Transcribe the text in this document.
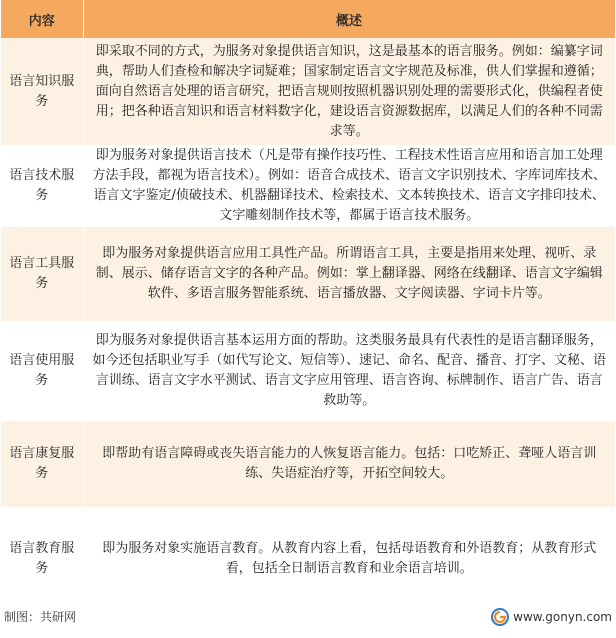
内容	概述
语言知识服务	即采取不同的方式，为服务对象提供语言知识，这是最基本的语言服务。例如：编纂字词典，帮助人们查检和解决字词疑难；国家制定语言文字规范及标准，供人们掌握和遵循；面向自然语言处理的语言研究，把语言规则按照机器识别处理的需要形式化，供编程者使用；把各种语言知识和语言材料数字化，建设语言资源数据库，以满足人们的各种不同需求等。
语言技术服务	即为服务对象提供语言技术（凡是带有操作技巧性、工程技术性语言应用和语言加工处理方法手段，都视为语言技术）。例如：语音合成技术、语言文字识别技术、字库词库技术、语言文字鉴定/侦破技术、机器翻译技术、检索技术、文本转换技术、语言文字排印技术、文字雕刻制作技术等，都属于语言技术服务。
语言工具服务	即为服务对象提供语言应用工具性产品。所谓语言工具，主要是指用来处理、视听、录制、展示、储存语言文字的各种产品。例如：掌上翻译器、网络在线翻译、语言文字编辑软件、多语言服务智能系统、语言播放器、文字阅读器、字词卡片等。
语言使用服务	即为服务对象提供语言基本运用方面的帮助。这类服务最具有代表性的是语言翻译服务，如今还包括职业写手（如代写论文、短信等）、速记、命名、配音、播音、打字、文秘、语言训练、语言文字水平测试、语言文字应用管理、语言咨询、标牌制作、语言广告、语言救助等。
语言康复服务	即帮助有语言障碍或丧失语言能力的人恢复语言能力。包括：口吃矫正、聋哑人语言训练、失语症治疗等，开拓空间较大。
语言教育服务	即为服务对象实施语言教育。从教育内容上看，包括母语教育和外语教育；从教育形式看，包括全日制语言教育和业余语言培训。
制图：共研网	www.gonyn.com
